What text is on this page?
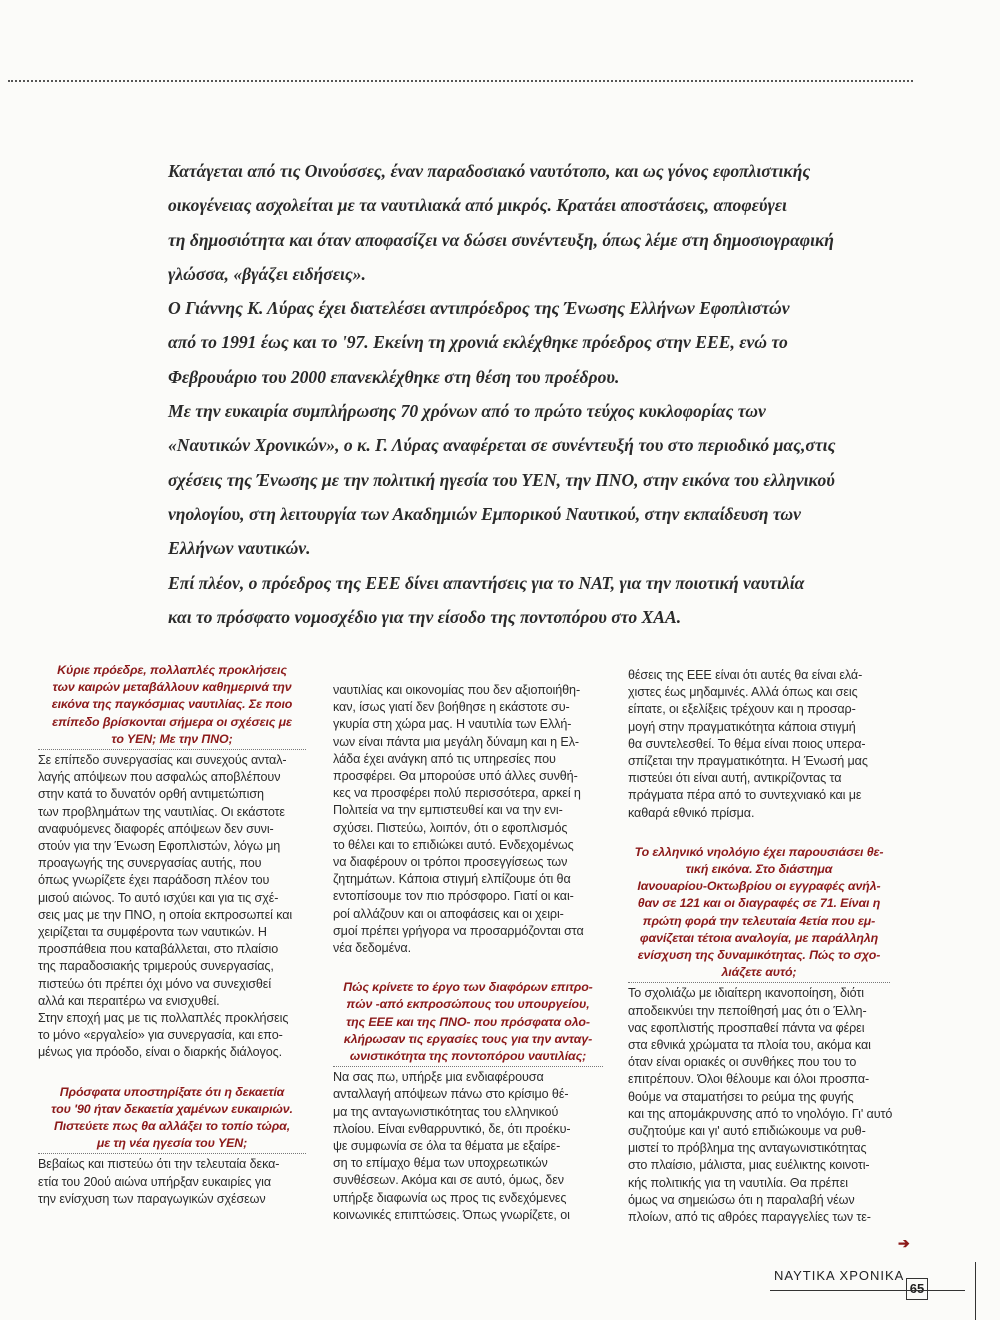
Κατάγεται από τις Οινούσσες, έναν παραδοσιακό ναυτότοπο, και ως γόνος εφοπλιστικής

οικογένειας ασχολείται με τα ναυτιλιακά από μικρός. Κρατάει αποστάσεις, αποφεύγει

τη δημοσιότητα και όταν αποφασίζει να δώσει συνέντευξη, όπως λέμε στη δημοσιογραφική

γλώσσα, «βγάζει ειδήσεις».

Ο Γιάννης Κ. Λύρας έχει διατελέσει αντιπρόεδρος της Ένωσης Ελλήνων Εφοπλιστών

από το 1991 έως και το '97. Εκείνη τη χρονιά εκλέχθηκε πρόεδρος στην ΕΕΕ, ενώ το

Φεβρουάριο του 2000 επανεκλέχθηκε στη θέση του προέδρου.

Με την ευκαιρία συμπλήρωσης 70 χρόνων από το πρώτο τεύχος κυκλοφορίας των

«Ναυτικών Χρονικών», ο κ. Γ. Λύρας αναφέρεται σε συνέντευξή του στο περιοδικό μας,στις

σχέσεις της Ένωσης με την πολιτική ηγεσία του ΥΕΝ, την ΠΝΟ, στην εικόνα του ελληνικού

νηολογίου, στη λειτουργία των Ακαδημιών Εμπορικού Ναυτικού, στην εκπαίδευση των

Ελλήνων ναυτικών.

Επί πλέον, ο πρόεδρος της ΕΕΕ δίνει απαντήσεις για το ΝΑΤ, για την ποιοτική ναυτιλία

και το πρόσφατο νομοσχέδιο για την είσοδο της ποντοπόρου στο ΧΑΑ.

Κύριε πρόεδρε, πολλαπλές προκλήσεις
των καιρών μεταβάλλουν καθημερινά την
εικόνα της παγκόσμιας ναυτιλίας. Σε ποιο
επίπεδο βρίσκονται σήμερα οι σχέσεις με
το ΥΕΝ; Με την ΠΝΟ;
Σε επίπεδο συνεργασίας και συνεχούς ανταλ-
λαγής απόψεων που ασφαλώς αποβλέπουν
στην κατά το δυνατόν ορθή αντιμετώπιση
των προβλημάτων της ναυτιλίας. Οι εκάστοτε
αναφυόμενες διαφορές απόψεων δεν συνι-
στούν για την Ένωση Εφοπλιστών, λόγω μη
προαγωγής της συνεργασίας αυτής, που
όπως γνωρίζετε έχει παράδοση πλέον του
μισού αιώνος. Το αυτό ισχύει και για τις σχέ-
σεις μας με την ΠΝΟ, η οποία εκπροσωπεί και
χειρίζεται τα συμφέροντα των ναυτικών. Η
προσπάθεια που καταβάλλεται, στο πλαίσιο
της παραδοσιακής τριμερούς συνεργασίας,
πιστεύω ότι πρέπει όχι μόνο να συνεχισθεί
αλλά και περαιτέρω να ενισχυθεί.
Στην εποχή μας με τις πολλαπλές προκλήσεις
το μόνο «εργαλείο» για συνεργασία, και επο-
μένως για πρόοδο, είναι ο διαρκής διάλογος.
Πρόσφατα υποστηρίξατε ότι η δεκαετία
του '90 ήταν δεκαετία χαμένων ευκαιριών.
Πιστεύετε πως θα αλλάξει το τοπίο τώρα,
με τη νέα ηγεσία του ΥΕΝ;
Βεβαίως και πιστεύω ότι την τελευταία δεκα-
ετία του 20ού αιώνα υπήρξαν ευκαιρίες για
την ενίσχυση των παραγωγικών σχέσεων
ναυτιλίας και οικονομίας που δεν αξιοποιήθη-
καν, ίσως γιατί δεν βοήθησε η εκάστοτε συ-
γκυρία στη χώρα μας. Η ναυτιλία των Ελλή-
νων είναι πάντα μια μεγάλη δύναμη και η Ελ-
λάδα έχει ανάγκη από τις υπηρεσίες που
προσφέρει. Θα μπορούσε υπό άλλες συνθή-
κες να προσφέρει πολύ περισσότερα, αρκεί η
Πολιτεία να την εμπιστευθεί και να την ενι-
σχύσει. Πιστεύω, λοιπόν, ότι ο εφοπλισμός
το θέλει και το επιδιώκει αυτό. Ενδεχομένως
να διαφέρουν οι τρόποι προσεγγίσεως των
ζητημάτων. Κάποια στιγμή ελπίζουμε ότι θα
εντοπίσουμε τον πιο πρόσφορο. Γιατί οι και-
ροί αλλάζουν και οι αποφάσεις και οι χειρι-
σμοί πρέπει γρήγορα να προσαρμόζονται στα
νέα δεδομένα.
Πώς κρίνετε το έργο των διαφόρων επιτρο-
πών -από εκπροσώπους του υπουργείου,
της ΕΕΕ και της ΠΝΟ- που πρόσφατα ολο-
κλήρωσαν τις εργασίες τους για την ανταγ-
ωνιστικότητα της ποντοπόρου ναυτιλίας;
Να σας πω, υπήρξε μια ενδιαφέρουσα
ανταλλαγή απόψεων πάνω στο κρίσιμο θέ-
μα της ανταγωνιστικότητας του ελληνικού
πλοίου. Είναι ενθαρρυντικό, δε, ότι προέκυ-
ψε συμφωνία σε όλα τα θέματα με εξαίρε-
ση το επίμαχο θέμα των υποχρεωτικών
συνθέσεων. Ακόμα και σε αυτό, όμως, δεν
υπήρξε διαφωνία ως προς τις ενδεχόμενες
κοινωνικές επιπτώσεις. Όπως γνωρίζετε, οι
θέσεις της ΕΕΕ είναι ότι αυτές θα είναι ελά-
χιστες έως μηδαμινές. Αλλά όπως και σεις
είπατε, οι εξελίξεις τρέχουν και η προσαρ-
μογή στην πραγματικότητα κάποια στιγμή
θα συντελεσθεί. Το θέμα είναι ποιος υπερα-
σπίζεται την πραγματικότητα. Η Ένωσή μας
πιστεύει ότι είναι αυτή, αντικρίζοντας τα
πράγματα πέρα από το συντεχνιακό και με
καθαρά εθνικό πρίσμα.
Το ελληνικό νηολόγιο έχει παρουσιάσει θε-
τική εικόνα. Στο διάστημα
Ιανουαρίου-Οκτωβρίου οι εγγραφές ανήλ-
θαν σε 121 και οι διαγραφές σε 71. Είναι η
πρώτη φορά την τελευταία 4ετία που εμ-
φανίζεται τέτοια αναλογία, με παράλληλη
ενίσχυση της δυναμικότητας. Πώς το σχο-
λιάζετε αυτό;
Το σχολιάζω με ιδιαίτερη ικανοποίηση, διότι
αποδεικνύει την πεποίθησή μας ότι ο Έλλη-
νας εφοπλιστής προσπαθεί πάντα να φέρει
στα εθνικά χρώματα τα πλοία του, ακόμα και
όταν είναι οριακές οι συνθήκες που του το
επιτρέπουν. Όλοι θέλουμε και όλοι προσπα-
θούμε να σταματήσει το ρεύμα της φυγής
και της απομάκρυνσης από το νηολόγιο. Γι' αυτό
συζητούμε και γι' αυτό επιδιώκουμε να ρυθ-
μιστεί το πρόβλημα της ανταγωνιστικότητας
στο πλαίσιο, μάλιστα, μιας ευέλικτης κοινοτι-
κής πολιτικής για τη ναυτιλία. Θα πρέπει
όμως να σημειώσω ότι η παραλαβή νέων
πλοίων, από τις αθρόες παραγγελίες των τε-
➔
ΝΑΥΤΙΚΑ ΧΡΟΝΙΚΑ
65
